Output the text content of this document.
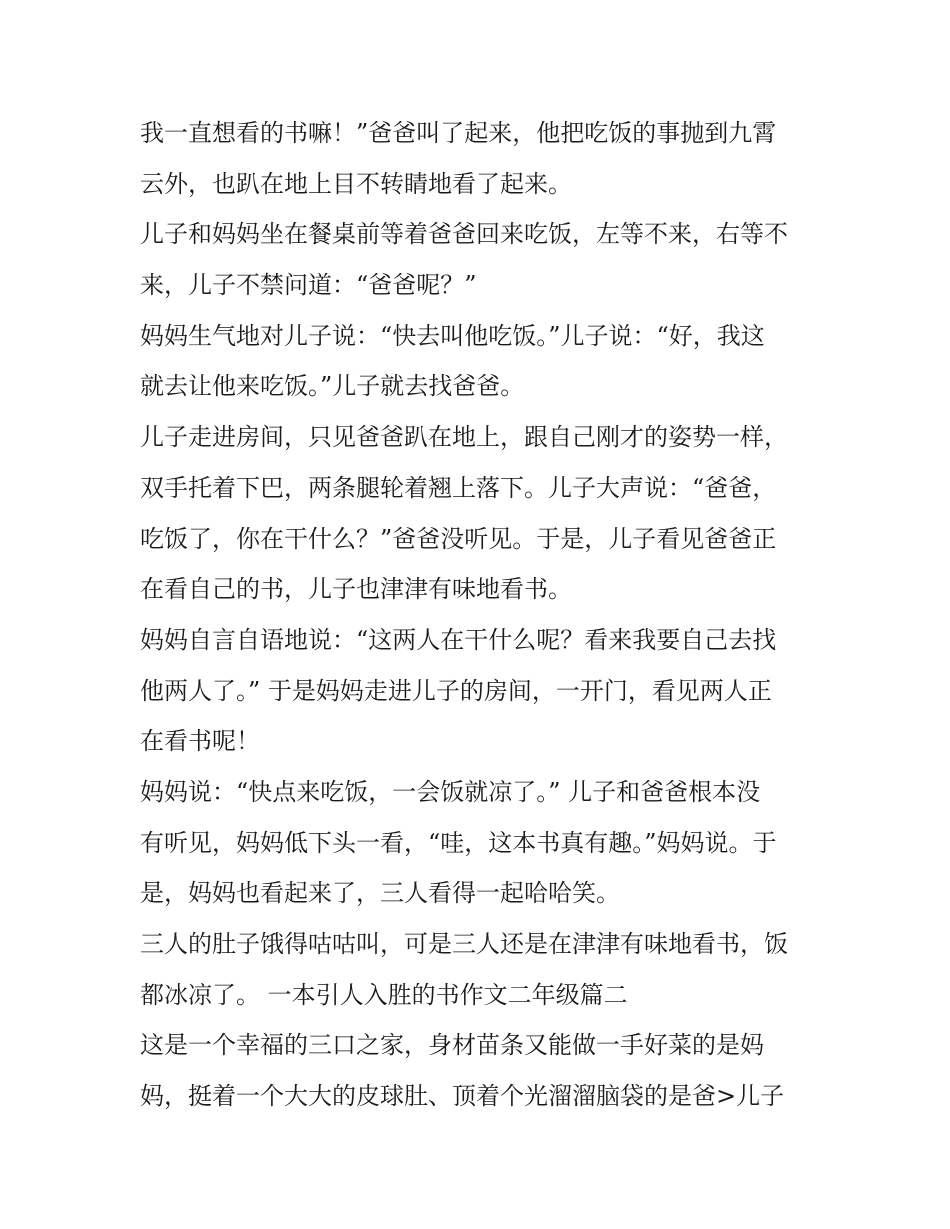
我一直想看的书嘛！”爸爸叫了起来，他把吃饭的事抛到九霄
云外，也趴在地上目不转睛地看了起来。
儿子和妈妈坐在餐桌前等着爸爸回来吃饭，左等不来，右等不
来，儿子不禁问道：“爸爸呢？”
妈妈生气地对儿子说：“快去叫他吃饭。”儿子说：“好，我这
就去让他来吃饭。”儿子就去找爸爸。
儿子走进房间，只见爸爸趴在地上，跟自己刚才的姿势一样，
双手托着下巴，两条腿轮着翘上落下。儿子大声说：“爸爸，
吃饭了，你在干什么？”爸爸没听见。于是，儿子看见爸爸正
在看自己的书，儿子也津津有味地看书。
妈妈自言自语地说：“这两人在干什么呢？看来我要自己去找
他两人了。” 于是妈妈走进儿子的房间，一开门，看见两人正
在看书呢！
妈妈说：“快点来吃饭，一会饭就凉了。” 儿子和爸爸根本没
有听见，妈妈低下头一看，“哇，这本书真有趣。”妈妈说。于
是，妈妈也看起来了，三人看得一起哈哈笑。
三人的肚子饿得咕咕叫，可是三人还是在津津有味地看书，饭
都冰凉了。 一本引人入胜的书作文二年级篇二
这是一个幸福的三口之家，身材苗条又能做一手好菜的是妈
妈，挺着一个大大的皮球肚、顶着个光溜溜脑袋的是爸>儿子
